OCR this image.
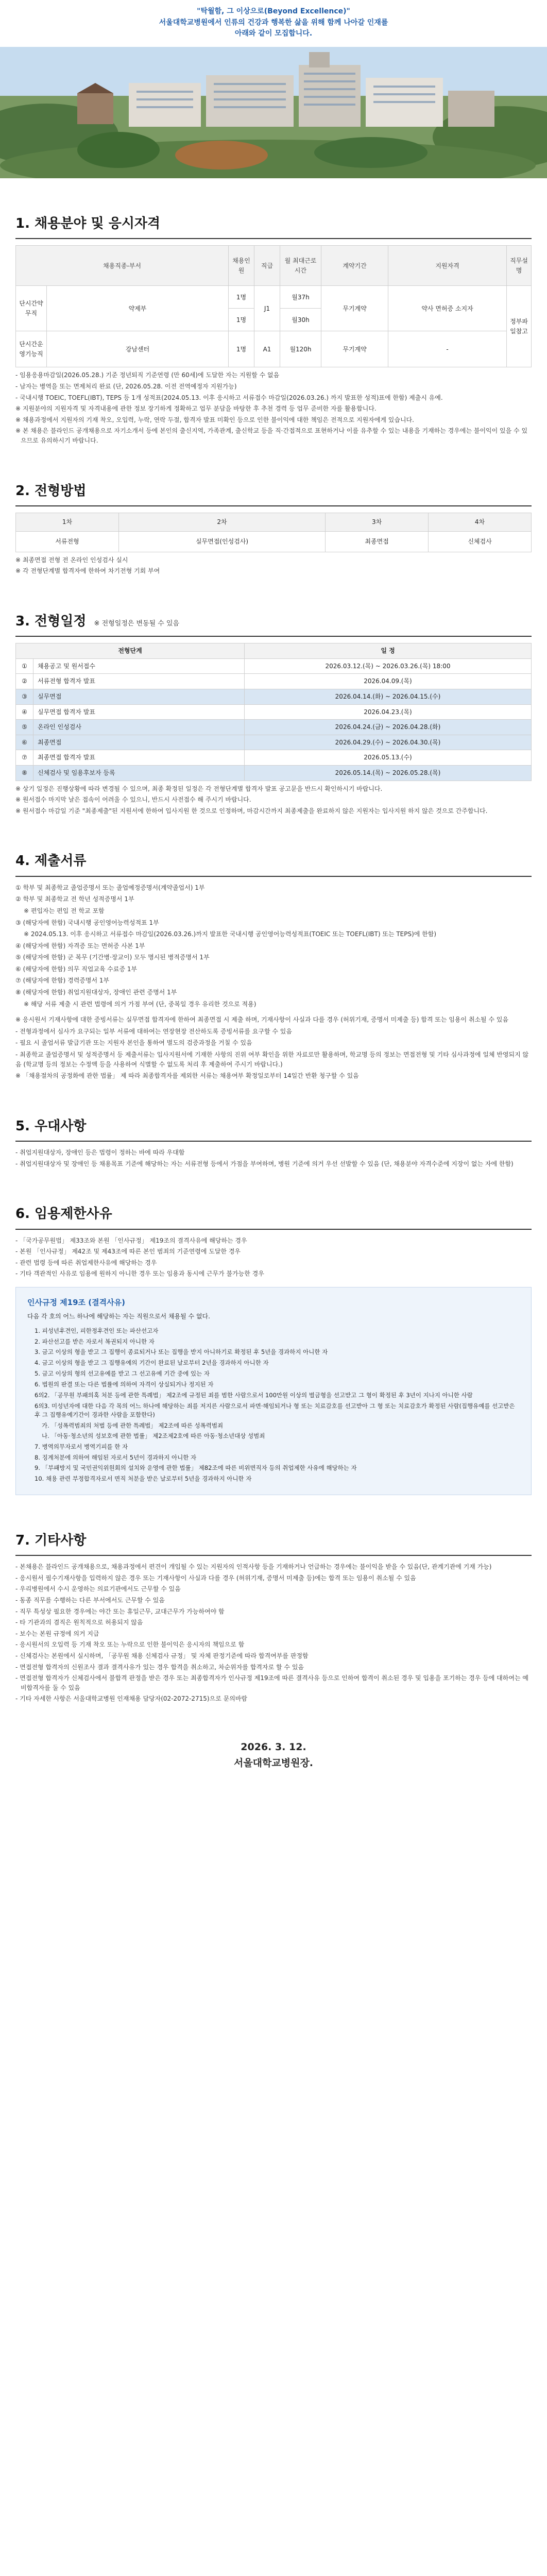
"탁월함, 그 이상으로(Beyond Excellence)"
서울대학교병원에서 인류의 건강과 행복한 삶을 위해 함께 나아갈 인재를
아래와 같이 모집합니다.
1. 채용분야 및 응시자격
채용직종-부서		채용인원	직급	월 최대근로시간	계약기간	지원자격	직무설명
단시간약무직	약제부	1명	J1	월37h	무기계약	약사 면허증 소지자	정부파일참고
		1명		월30h			
단시간운영기능직	강남센터	1명	A1	월120h	무기계약	-	

- 임용응용마감일(2026.05.28.) 기준 정년퇴직 기준연령 (만 60세)에 도달한 자는 지원할 수 없음

- 남자는 병역을 또는 면제처리 완료 (단, 2026.05.28. 이전 전역예정자 지원가능)

- 국내시행 TOEIC, TOEFL(IBT), TEPS 등 1개 성적표(2024.05.13. 이후 응시하고 서류접수 마감일(2026.03.26.) 까지 발표한 성적)표에 한함) 제출시 유예.

※ 지원분야의 지원자격 및 자격내용에 관한 정보 장기하게 정확하고 업무 분담을 바탕한 후 추천 경력 등 업무 준비한 자를 활용합니다.

※ 채용과정에서 지원자의 기재 착오, 오입력, 누락, 연락 두절, 합격자 발표 미확인 등으로 인한 불이익에 대한 책임은 전적으로 지원자에게 있습니다.

※ 본 채용은 블라인드 공개채용으로 자기소개서 등에 본인의 출신지역, 가족관계, 출신학교 등을 직·간접적으로 표현하거나 이를 유추할 수 있는 내용을 기재하는 경우에는 불이익이 있을 수 있으므로 유의하시기 바랍니다.

2. 전형방법
1차	2차	3차	4차
서류전형	실무면접(인성검사)	최종면접	신체검사

※ 최종면접 전형 전 온라인 인성검사 실시

※ 각 전형단계별 합격자에 한하여 차기전형 기회 부여

3. 전형일정 ※ 전형일정은 변동될 수 있음
전형단계		일 정
①	채용공고 및 원서접수	2026.03.12.(목) ~ 2026.03.26.(목) 18:00
②	서류전형 합격자 발표	2026.04.09.(목)
③	실무면접	2026.04.14.(화) ~ 2026.04.15.(수)
④	실무면접 합격자 발표	2026.04.23.(목)
⑤	온라인 인성검사	2026.04.24.(금) ~ 2026.04.28.(화)
⑥	최종면접	2026.04.29.(수) ~ 2026.04.30.(목)
⑦	최종면접 합격자 발표	2026.05.13.(수)
⑧	신체검사 및 임용후보자 등록	2026.05.14.(목) ~ 2026.05.28.(목)

※ 상기 일정은 진행상황에 따라 변경될 수 있으며, 최종 확정된 일정은 각 전형단계별 합격자 발표 공고문을 반드시 확인하시기 바랍니다.

※ 원서접수 마지막 날은 접속이 어려울 수 있으니, 반드시 사전접수 해 주시기 바랍니다.

※ 원서접수 마감일 기준 "최종제출"된 지원서에 한하여 입사지원 한 것으로 인정하며, 마감시간까지 최종제출을 완료하지 않은 지원자는 입사지원 하지 않은 것으로 간주합니다.

4. 제출서류

① 학부 및 최종학교 졸업증명서 또는 졸업예정증명서(계약졸업서) 1부

② 학부 및 최종학교 전 학년 성적증명서 1부

※ 편입자는 편입 전 학교 포함

③ (해당자에 한함) 국내시행 공인영어능력성적표 1부

※ 2024.05.13. 이후 응시하고 서류접수 마감일(2026.03.26.)까지 발표한 국내시행 공인영어능력성적표(TOEIC 또는 TOEFL(IBT) 또는 TEPS)에 한함)

④ (해당자에 한함) 자격증 또는 면허증 사본 1부

⑤ (해당자에 한함) 군 복무 (기간병·장교이) 모두 명시된 병적증명서 1부

⑥ (해당자에 한함) 의무 직업교육 수료증 1부

⑦ (해당자에 한함) 경력증명서 1부

⑧ (해당자에 한함) 취업지원대상자, 장애인 관련 증명서 1부

※ 해당 서류 제출 시 관련 법령에 의거 가점 부여 (단, 중복일 경우 유리한 것으로 적용)

※ 응시원서 기재사항에 대한 증빙서류는 실무면접 합격자에 한하여 최종면접 시 제출 하며, 기재사항이 사실과 다를 경우 (허위기재, 증명서 미제출 등) 합격 또는 임용이 취소될 수 있음

- 전형과정에서 심사가 요구되는 일부 서류에 대하여는 연장현장 전산하도록 증빙서류를 요구할 수 있음

- 필요 시 졸업서류 발급기관 또는 지원자 본인을 통하여 별도의 검증과정을 거칠 수 있음

- 최종학교 졸업증명서 및 성적증명서 등 제출서류는 입사지원서에 기재한 사항의 진위 여부 확인을 위한 자료로만 활용하며, 학교명 등의 정보는 면접전형 및 기타 심사과정에 일체 반영되지 않음 (학교명 등의 정보는 수정액 등을 사용하여 식별할 수 없도록 처리 후 제출하여 주시기 바랍니다.)

※ 「채용절차의 공정화에 관한 법률」 제 따라 최종합격자를 제외한 서류는 채용여부 확정일로부터 14일간 반환 청구할 수 있음

5. 우대사항

- 취업지원대상자, 장애인 등은 법령이 정하는 바에 따라 우대함

- 취업지원대상자 및 장애인 등 채용목표 기준에 해당하는 자는 서류전형 등에서 가점을 부여하며, 병원 기준에 의거 우선 선발할 수 있음 (단, 채용분야 자격수준에 지장이 없는 자에 한함)

6. 임용제한사유

- 「국가공무원법」 제33조와 본원 「인사규정」 제19조의 결격사유에 해당하는 경우

- 본원 「인사규정」 제42조 및 제43조에 따른 본인 범죄의 기준연령에 도달한 경우

- 관련 법령 등에 따른 취업제한사유에 해당하는 경우

- 기타 객관적인 사유로 임용에 원하지 아니한 경우 또는 임용과 동시에 근무가 불가능한 경우

인사규정 제19조 (결격사유)
다음 각 호의 어느 하나에 해당하는 자는 직원으로서 채용될 수 없다.

1. 피성년후견인, 피한정후견인 또는 파산선고자

2. 파산선고를 받은 자로서 복권되지 아니한 자

3. 금고 이상의 형을 받고 그 집행이 종료되거나 또는 집행을 받지 아니하기로 확정된 후 5년을 경과하지 아니한 자

4. 금고 이상의 형을 받고 그 집행유예의 기간이 완료된 날로부터 2년을 경과하지 아니한 자

5. 금고 이상의 형의 선고유예를 받고 그 선고유예 기간 중에 있는 자

6. 법원의 판결 또는 다른 법률에 의하여 자격이 상실되거나 정지된 자

6의2. 「공무원 부패의혹 처분 등에 관한 특례법」 제2조에 규정된 죄를 범한 사람으로서 100만원 이상의 벌금형을 선고받고 그 형이 확정된 후 3년이 지나지 아니한 사람

6의3. 미성년자에 대한 다음 각 목의 어느 하나에 해당하는 죄를 저지른 사람으로서 파면·해임되거나 형 또는 치료감호를 선고받아 그 형 또는 치료감호가 확정된 사람(집행유예를 선고받은 후 그 집행유예기간이 경과한 사람을 포함한다)

가. 「성폭력범죄의 처벌 등에 관한 특례법」 제2조에 따른 성폭력범죄

나. 「아동·청소년의 성보호에 관한 법률」 제2조제2호에 따른 아동·청소년대상 성범죄

7. 병역의무자로서 병역기피를 한 자

8. 징계처분에 의하여 해임된 자로서 5년이 경과하지 아니한 자

9. 「부패방지 및 국민권익위원회의 설치와 운영에 관한 법률」 제82조에 따른 비위면직자 등의 취업제한 사유에 해당하는 자

10. 채용 관련 부정합격자로서 면직 처분을 받은 날로부터 5년을 경과하지 아니한 자

7. 기타사항

- 본채용은 블라인드 공개채용으로, 채용과정에서 편견이 개입될 수 있는 지원자의 인적사항 등을 기재하거나 언급하는 경우에는 불이익을 받을 수 있음(단, 관계기관에 기재 가능)

- 응시원서 필수기재사항을 입력하지 않은 경우 또는 기재사항이 사실과 다를 경우 (허위기재, 증명서 미제출 등)에는 합격 또는 임용이 취소될 수 있음

- 우리병원에서 수시 운영하는 의료기관에서도 근무할 수 있음

- 동종 직무를 수행하는 다른 부서에서도 근무할 수 있음

- 직무 특성상 필요한 경우에는 야간 또는 휴일근무, 교대근무가 가능하여야 함

- 타 기관과의 겸직은 원칙적으로 허용되지 않음

- 보수는 본원 규정에 의거 지급

- 응시원서의 오입력 등 기재 착오 또는 누락으로 인한 불이익은 응시자의 책임으로 함

- 신체검사는 본원에서 실시하며, 「공무원 채용 신체검사 규정」 및 자체 판정기준에 따라 합격여부를 판정함

- 면접전형 합격자의 신원조사 결과 결격사유가 있는 경우 합격을 취소하고, 차순위자를 합격자로 할 수 있음

- 면접전형 합격자가 신체검사에서 불합격 판정을 받은 경우 또는 최종합격자가 인사규정 제19조에 따른 결격사유 등으로 인하여 합격이 취소된 경우 및 입용을 포기하는 경우 등에 대하여는 예비합격자를 둘 수 있음

- 기타 자세한 사항은 서울대학교병원 인재채용 담당자(02-2072-2715)으로 문의바람

2026. 3. 12.
서울대학교병원장.
